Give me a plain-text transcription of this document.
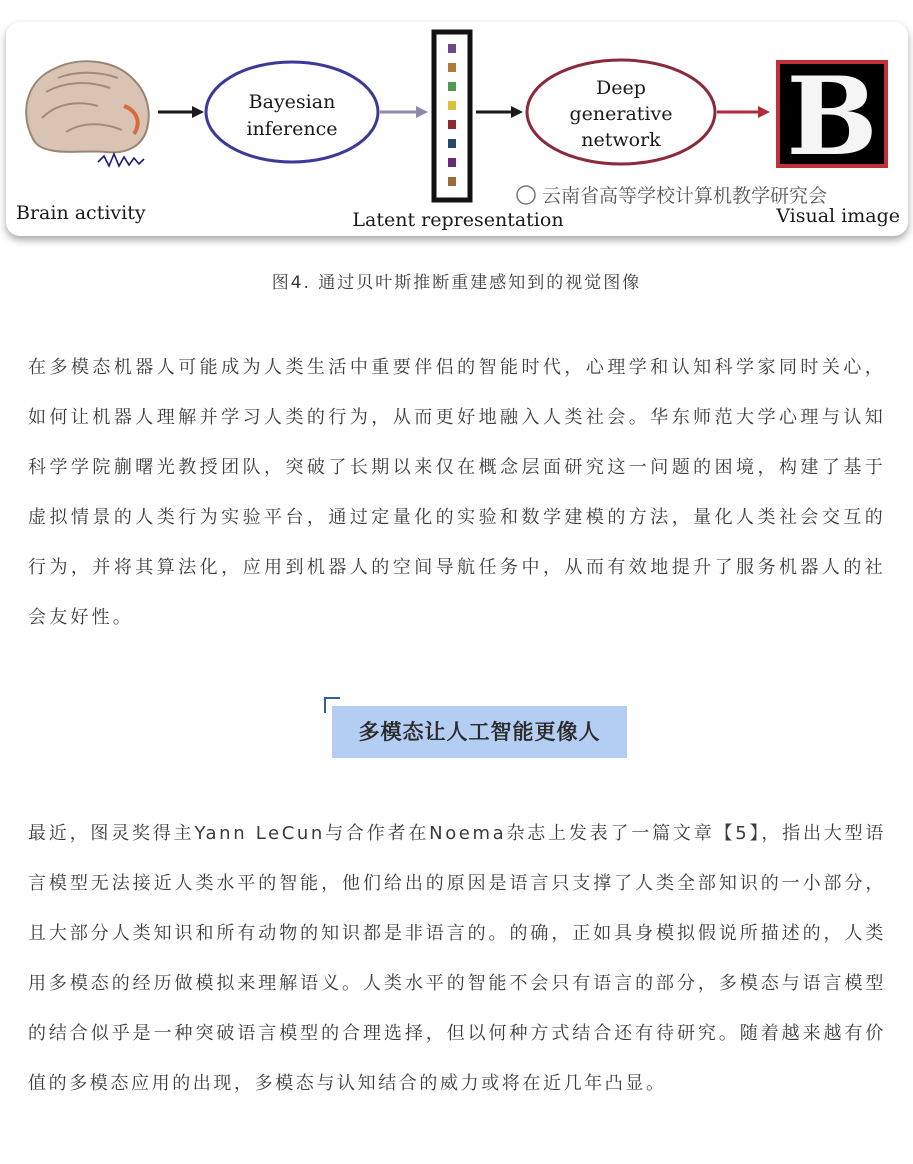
Brain activity
Bayesian
inference
Latent representation
Deep
generative
network B
Visual image
云南省高等学校计算机教学研究会
图4. 通过贝叶斯推断重建感知到的视觉图像
在多模态机器人可能成为人类生活中重要伴侣的智能时代，心理学和认知科学家同时关心，如何让机器人理解并学习人类的行为，从而更好地融入人类社会。华东师范大学心理与认知科学学院蒯曙光教授团队，突破了长期以来仅在概念层面研究这一问题的困境，构建了基于虚拟情景的人类行为实验平台，通过定量化的实验和数学建模的方法，量化人类社会交互的行为，并将其算法化，应用到机器人的空间导航任务中，从而有效地提升了服务机器人的社会友好性。
多模态让人工智能更像人
最近，图灵奖得主Yann LeCun与合作者在Noema杂志上发表了一篇文章【5】，指出大型语言模型无法接近人类水平的智能，他们给出的原因是语言只支撑了人类全部知识的一小部分，且大部分人类知识和所有动物的知识都是非语言的。的确，正如具身模拟假说所描述的，人类用多模态的经历做模拟来理解语义。人类水平的智能不会只有语言的部分，多模态与语言模型的结合似乎是一种突破语言模型的合理选择，但以何种方式结合还有待研究。随着越来越有价值的多模态应用的出现，多模态与认知结合的威力或将在近几年凸显。
